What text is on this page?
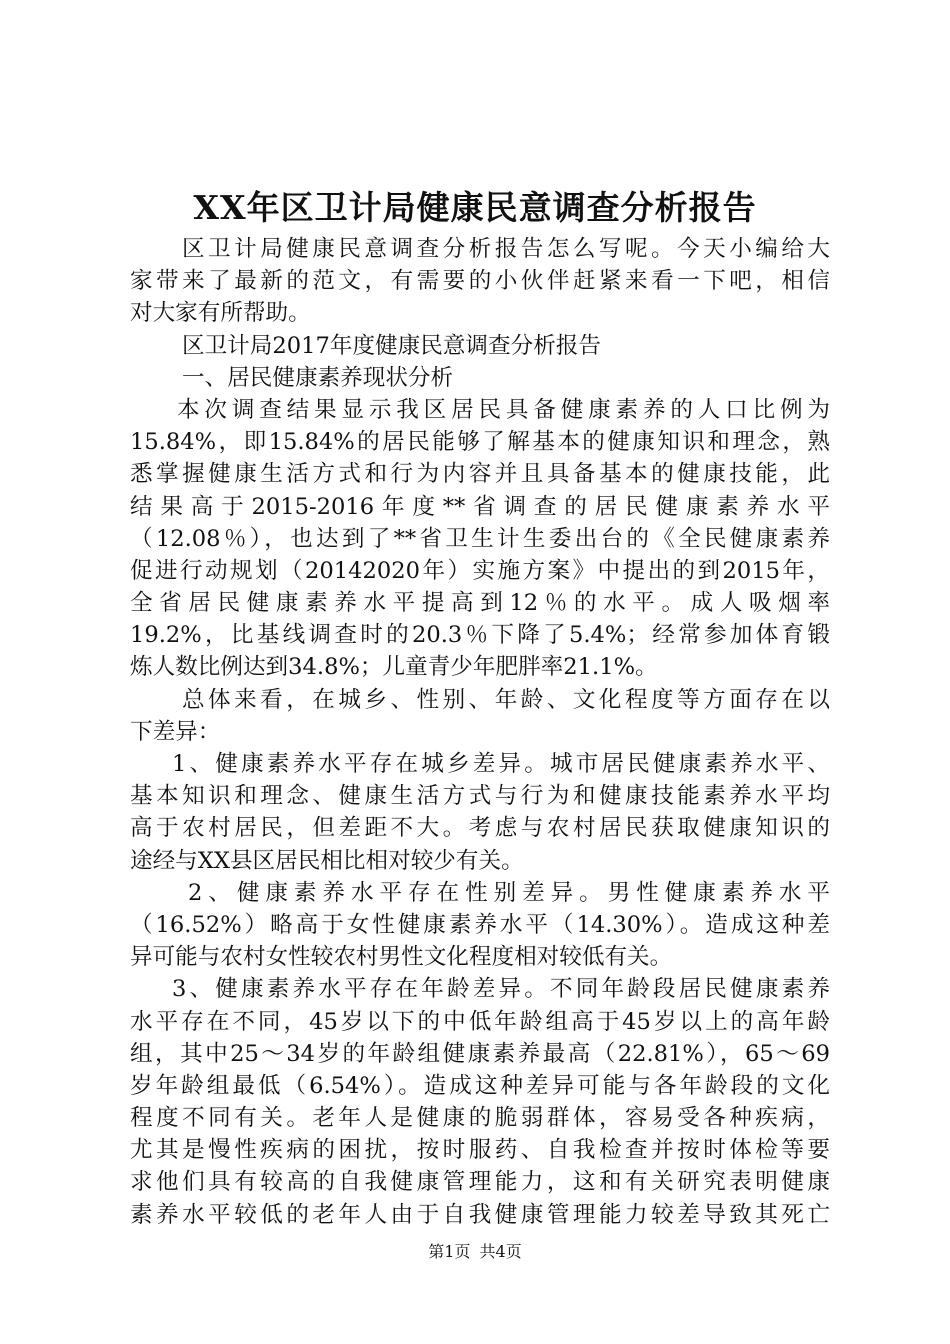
XX年区卫计局健康民意调查分析报告
区卫计局健康民意调查分析报告怎么写呢。今天小编给大
家带来了最新的范文，有需要的小伙伴赶紧来看一下吧，相信
对大家有所帮助。
区卫计局2017年度健康民意调查分析报告
一、居民健康素养现状分析
本次调查结果显示我区居民具备健康素养的人口比例为
15.84%，即15.84%的居民能够了解基本的健康知识和理念，熟
悉掌握健康生活方式和行为内容并且具备基本的健康技能，此
结果高于2015-2016年度**省调查的居民健康素养水平
（12.08％），也达到了**省卫生计生委出台的《全民健康素养
促进行动规划（20142020年）实施方案》中提出的到2015年，
全省居民健康素养水平提高到12％的水平。成人吸烟率
19.2%，比基线调查时的20.3％下降了5.4%；经常参加体育锻
炼人数比例达到34.8%；儿童青少年肥胖率21.1%。
总体来看，在城乡、性别、年龄、文化程度等方面存在以
下差异：
1、健康素养水平存在城乡差异。城市居民健康素养水平、
基本知识和理念、健康生活方式与行为和健康技能素养水平均
高于农村居民，但差距不大。考虑与农村居民获取健康知识的
途经与XX县区居民相比相对较少有关。
2、健康素养水平存在性别差异。男性健康素养水平
（16.52%）略高于女性健康素养水平（14.30%）。造成这种差
异可能与农村女性较农村男性文化程度相对较低有关。
3、健康素养水平存在年龄差异。不同年龄段居民健康素养
水平存在不同，45岁以下的中低年龄组高于45岁以上的高年龄
组，其中25～34岁的年龄组健康素养最高（22.81%），65～69
岁年龄组最低（6.54%）。造成这种差异可能与各年龄段的文化
程度不同有关。老年人是健康的脆弱群体，容易受各种疾病，
尤其是慢性疾病的困扰，按时服药、自我检查并按时体检等要
求他们具有较高的自我健康管理能力，这和有关研究表明健康
素养水平较低的老年人由于自我健康管理能力较差导致其死亡
第1页 共4页
